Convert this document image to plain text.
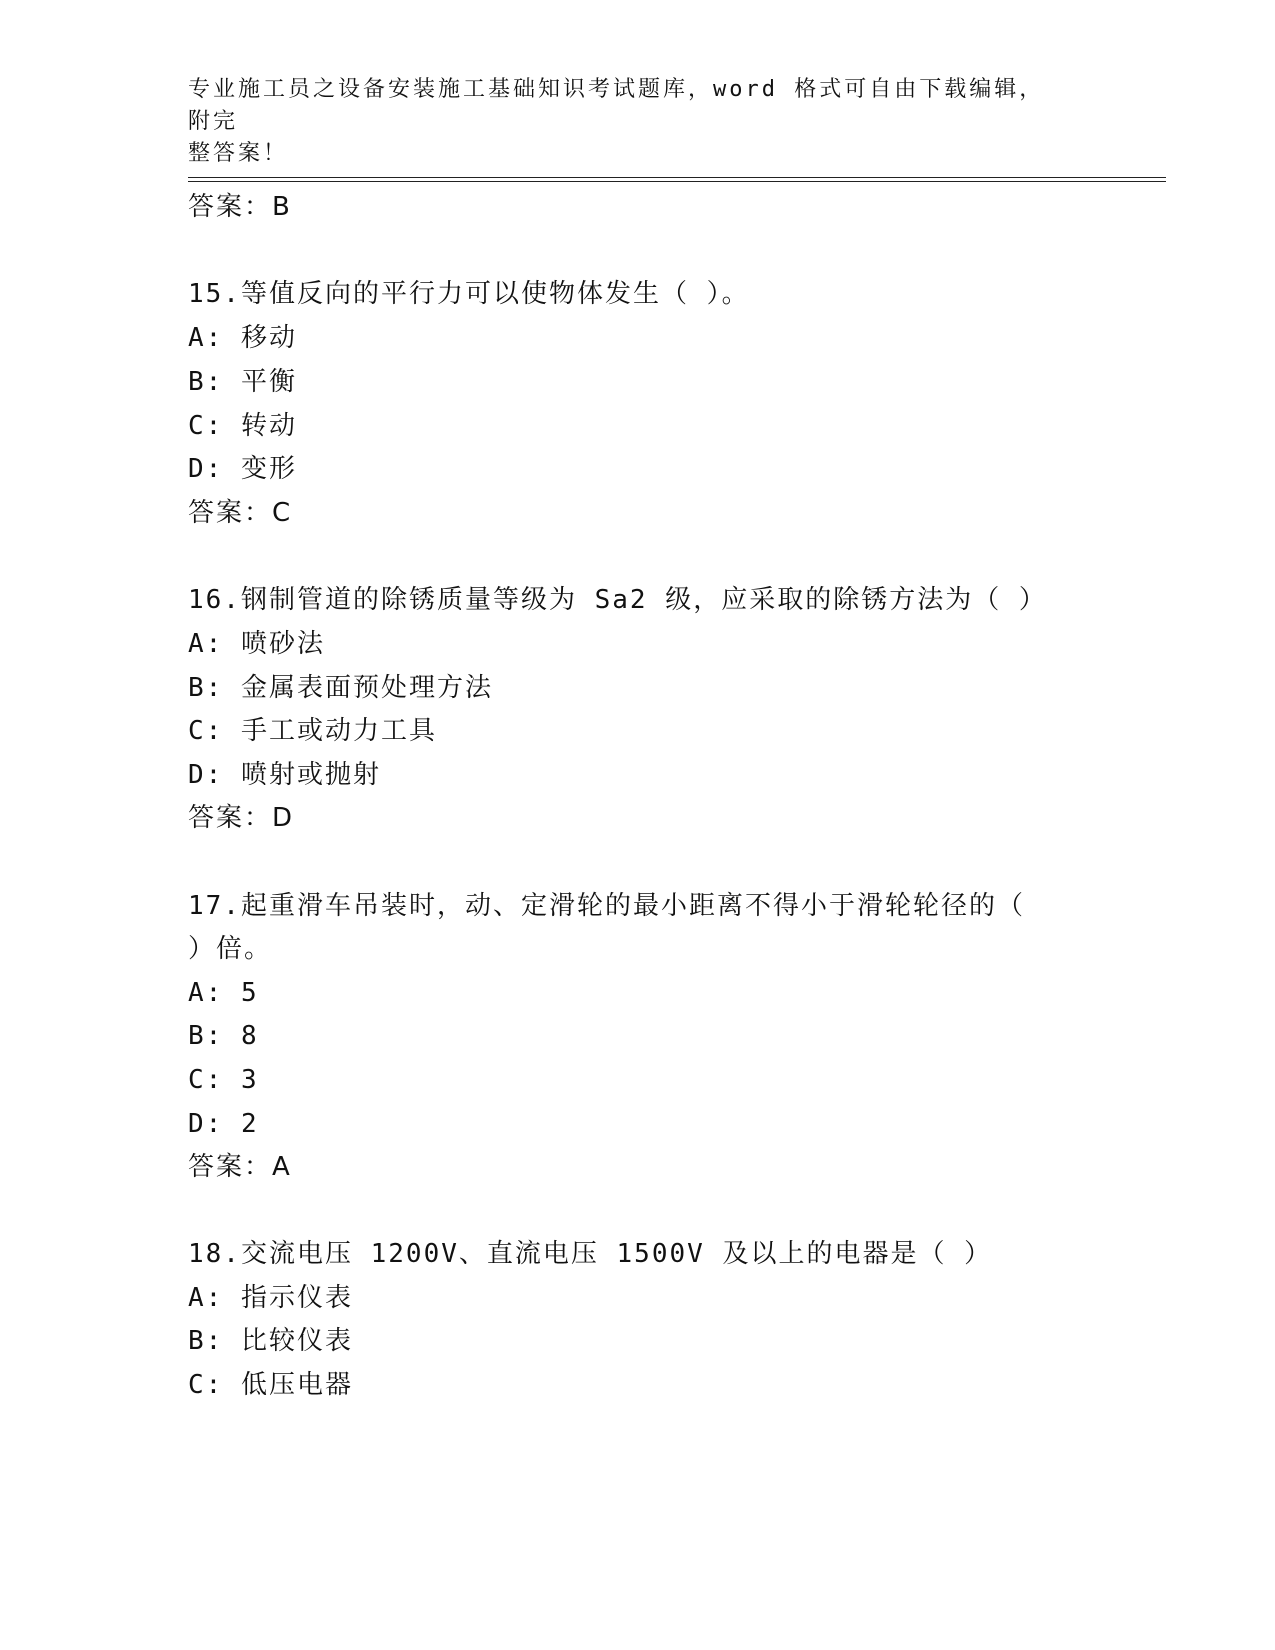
专业施工员之设备安装施工基础知识考试题库，word 格式可自由下载编辑，附完
整答案！
答案：B
15.等值反向的平行力可以使物体发生（ ）。
A: 移动
B: 平衡
C: 转动
D: 变形
答案：C
16.钢制管道的除锈质量等级为 Sa2 级，应采取的除锈方法为（ ）
A: 喷砂法
B: 金属表面预处理方法
C: 手工或动力工具
D: 喷射或抛射
答案：D
17.起重滑车吊装时，动、定滑轮的最小距离不得小于滑轮轮径的（
）倍。
A: 5
B: 8
C: 3
D: 2
答案：A
18.交流电压 1200V、直流电压 1500V 及以上的电器是（ ）
A: 指示仪表
B: 比较仪表
C: 低压电器
